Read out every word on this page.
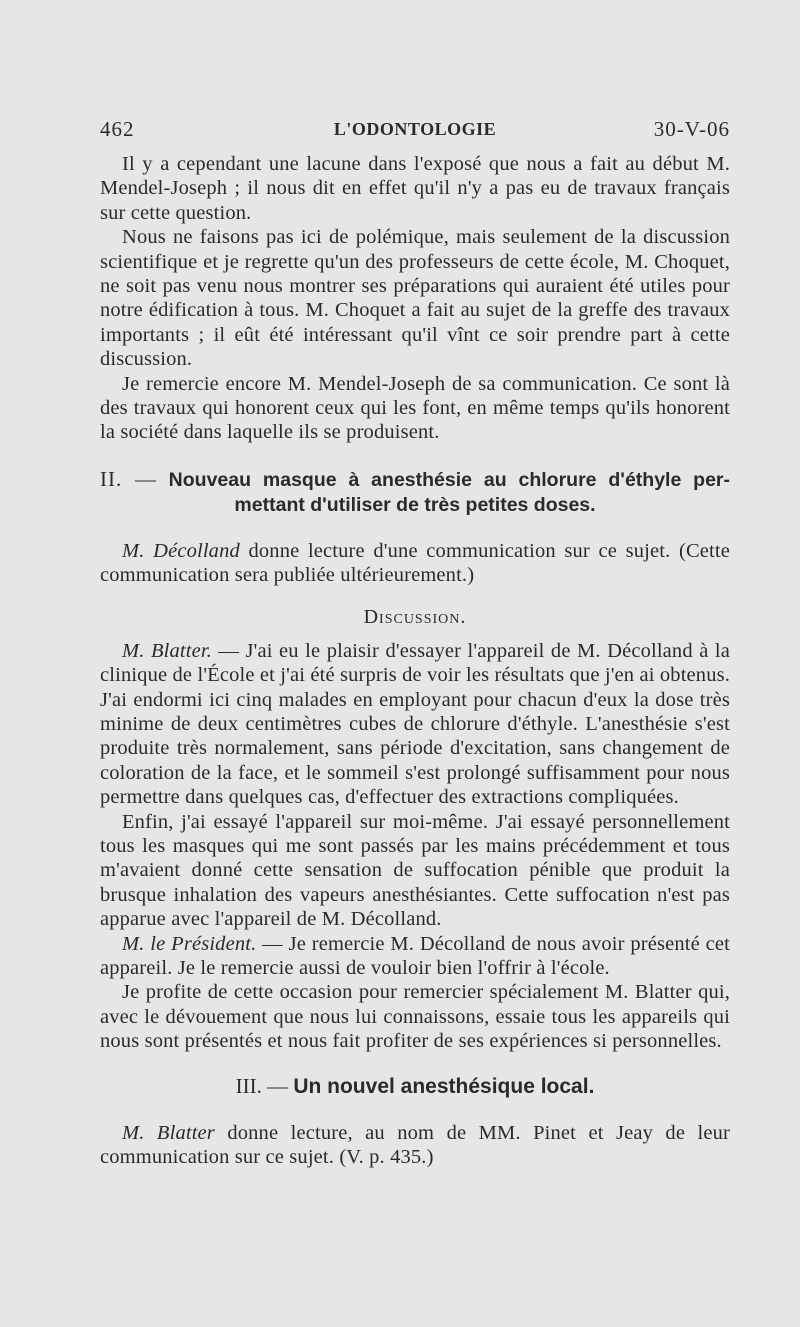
462	L'ODONTOLOGIE	30-V-06

Il y a cependant une lacune dans l'exposé que nous a fait au début M. Mendel-Joseph ; il nous dit en effet qu'il n'y a pas eu de travaux français sur cette question.

Nous ne faisons pas ici de polémique, mais seulement de la discussion scientifique et je regrette qu'un des professeurs de cette école, M. Choquet, ne soit pas venu nous montrer ses préparations qui auraient été utiles pour notre édification à tous. M. Choquet a fait au sujet de la greffe des travaux importants ; il eût été intéressant qu'il vînt ce soir prendre part à cette discussion.

Je remercie encore M. Mendel-Joseph de sa communication. Ce sont là des travaux qui honorent ceux qui les font, en même temps qu'ils honorent la société dans laquelle ils se produisent.

II. — Nouveau masque à anesthésie au chlorure d'éthyle per-
mettant d'utiliser de très petites doses.

M. Décolland donne lecture d'une communication sur ce sujet. (Cette communication sera publiée ultérieurement.)

Discussion.

M. Blatter. — J'ai eu le plaisir d'essayer l'appareil de M. Décolland à la clinique de l'École et j'ai été surpris de voir les résultats que j'en ai obtenus. J'ai endormi ici cinq malades en employant pour chacun d'eux la dose très minime de deux centimètres cubes de chlorure d'éthyle. L'anesthésie s'est produite très normalement, sans période d'excitation, sans changement de coloration de la face, et le sommeil s'est prolongé suffisamment pour nous permettre dans quelques cas, d'effectuer des extractions compliquées.

Enfin, j'ai essayé l'appareil sur moi-même. J'ai essayé personnellement tous les masques qui me sont passés par les mains précédemment et tous m'avaient donné cette sensation de suffocation pénible que produit la brusque inhalation des vapeurs anesthésiantes. Cette suffocation n'est pas apparue avec l'appareil de M. Décolland.

M. le Président. — Je remercie M. Décolland de nous avoir présenté cet appareil. Je le remercie aussi de vouloir bien l'offrir à l'école.

Je profite de cette occasion pour remercier spécialement M. Blatter qui, avec le dévouement que nous lui connaissons, essaie tous les appareils qui nous sont présentés et nous fait profiter de ses expériences si personnelles.

III. — Un nouvel anesthésique local.

M. Blatter donne lecture, au nom de MM. Pinet et Jeay de leur communication sur ce sujet. (V. p. 435.)
